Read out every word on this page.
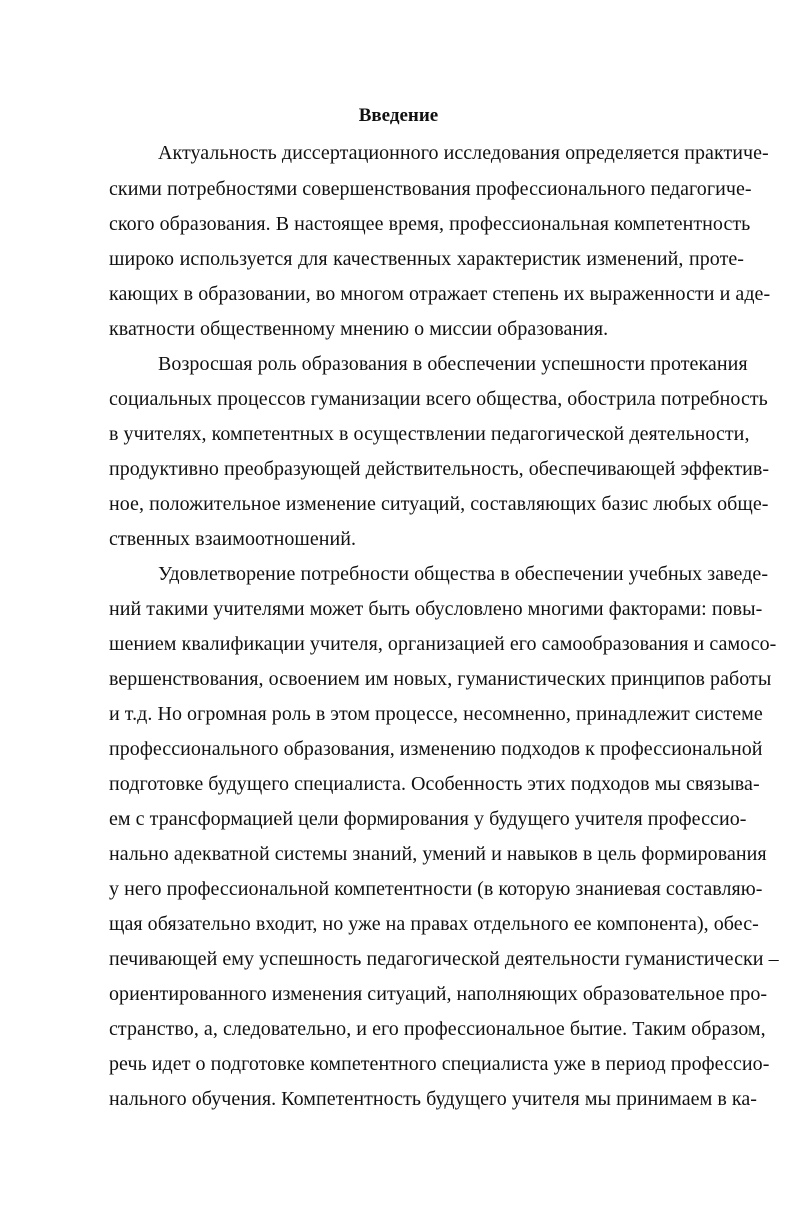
Введение
Актуальность диссертационного исследования определяется практиче-
скими потребностями совершенствования профессионального педагогиче-
ского образования. В настоящее время, профессиональная компетентность
широко используется для качественных характеристик изменений, проте-
кающих в образовании, во многом отражает степень их выраженности и аде-
кватности общественному мнению о миссии образования.
Возросшая роль образования в обеспечении успешности протекания
социальных процессов гуманизации всего общества, обострила потребность
в учителях, компетентных в осуществлении педагогической деятельности,
продуктивно преобразующей действительность, обеспечивающей эффектив-
ное, положительное изменение ситуаций, составляющих базис любых обще-
ственных взаимоотношений.
Удовлетворение потребности общества в обеспечении учебных заведе-
ний такими учителями может быть обусловлено многими факторами: повы-
шением квалификации учителя, организацией его самообразования и самосо-
вершенствования, освоением им новых, гуманистических принципов работы
и т.д. Но огромная роль в этом процессе, несомненно, принадлежит системе
профессионального образования, изменению подходов к профессиональной
подготовке будущего специалиста. Особенность этих подходов мы связыва-
ем с трансформацией цели формирования у будущего учителя профессио-
нально адекватной системы знаний, умений и навыков в цель формирования
у него профессиональной компетентности (в которую знаниевая составляю-
щая обязательно входит, но уже на правах отдельного ее компонента), обес-
печивающей ему успешность педагогической деятельности гуманистически –
ориентированного изменения ситуаций, наполняющих образовательное про-
странство, а, следовательно, и его профессиональное бытие. Таким образом,
речь идет о подготовке компетентного специалиста уже в период профессио-
нального обучения. Компетентность будущего учителя мы принимаем в ка-
